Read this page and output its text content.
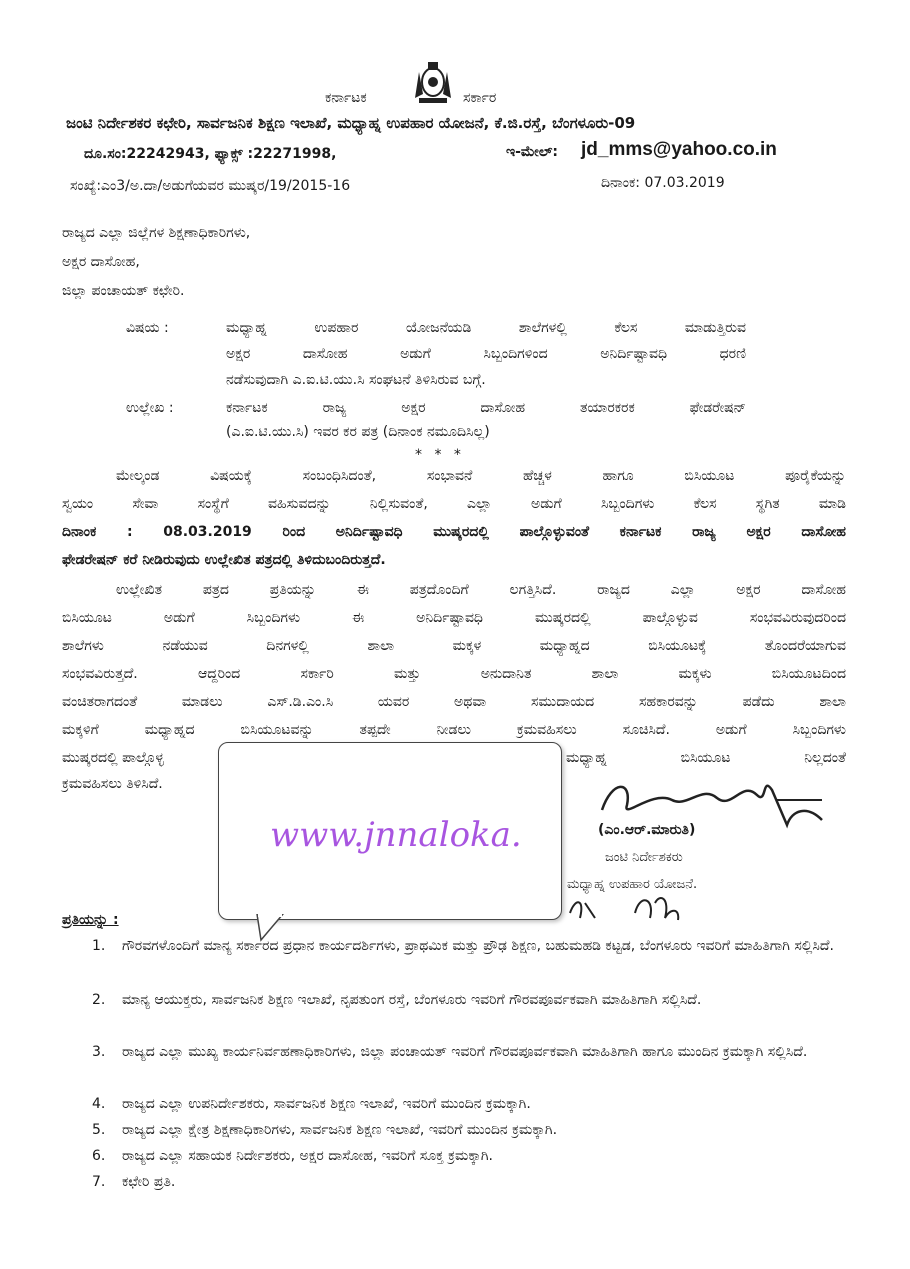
ಕರ್ನಾಟಕ	ಸರ್ಕಾರ
ಜಂಟಿ ನಿರ್ದೇಶಕರ ಕಛೇರಿ, ಸಾರ್ವಜನಿಕ ಶಿಕ್ಷಣ ಇಲಾಖೆ, ಮಧ್ಯಾಹ್ನ ಉಪಹಾರ ಯೋಜನೆ, ಕೆ.ಜಿ.ರಸ್ತೆ, ಬೆಂಗಳೂರು-09
ದೂ.ಸಂ:22242943, ಫ್ಯಾಕ್ಸ್ :22271998,	ಇ-ಮೇಲ್: jd_mms@yahoo.co.in
ಸಂಖ್ಯೆ:ಎಂ3/ಅ.ದಾ/ಅಡುಗೆಯವರ ಮುಷ್ಕರ/19/2015-16	ದಿನಾಂಕ: 07.03.2019
ರಾಜ್ಯದ ಎಲ್ಲಾ ಜಿಲ್ಲೆಗಳ ಶಿಕ್ಷಣಾಧಿಕಾರಿಗಳು,
ಅಕ್ಷರ ದಾಸೋಹ,
ಜಿಲ್ಲಾ ಪಂಚಾಯತ್ ಕಛೇರಿ.
ವಿಷಯ :	ಮಧ್ಯಾಹ್ನ ಉಪಹಾರ ಯೋಜನೆಯಡಿ ಶಾಲೆಗಳಲ್ಲಿ ಕೆಲಸ ಮಾಡುತ್ತಿರುವ
ಅಕ್ಷರ ದಾಸೋಹ ಅಡುಗೆ ಸಿಬ್ಬಂದಿಗಳಿಂದ ಅನಿರ್ದಿಷ್ಟಾವಧಿ ಧರಣಿ
ನಡೆಸುವುದಾಗಿ ಎ.ಐ.ಟಿ.ಯು.ಸಿ ಸಂಘಟನೆ ತಿಳಿಸಿರುವ ಬಗ್ಗೆ.
ಉಲ್ಲೇಖ :	ಕರ್ನಾಟಕ ರಾಜ್ಯ ಅಕ್ಷರ ದಾಸೋಹ ತಯಾರಕರಕ ಫೇಡರೇಷನ್
(ಎ.ಐ.ಟಿ.ಯು.ಸಿ) ಇವರ ಕರ ಪತ್ರ (ದಿನಾಂಕ ನಮೂದಿಸಿಲ್ಲ)
* * *
ಮೇಲ್ಕಂಡ ವಿಷಯಕ್ಕೆ ಸಂಬಂಧಿಸಿದಂತೆ, ಸಂಭಾವನೆ ಹೆಚ್ಚಳ ಹಾಗೂ ಬಿಸಿಯೂಟ ಪೂರೈಕೆಯನ್ನು
ಸ್ವಯಂ ಸೇವಾ ಸಂಸ್ಥೆಗೆ ವಹಿಸುವದನ್ನು ನಿಲ್ಲಿಸುವಂತೆ, ಎಲ್ಲಾ ಅಡುಗೆ ಸಿಬ್ಬಂದಿಗಳು ಕೆಲಸ ಸ್ಥಗಿತ ಮಾಡಿ
ದಿನಾಂಕ : 08.03.2019 ರಿಂದ ಅನಿರ್ದಿಷ್ಟಾವಧಿ ಮುಷ್ಕರದಲ್ಲಿ ಪಾಲ್ಗೊಳ್ಳುವಂತೆ ಕರ್ನಾಟಕ ರಾಜ್ಯ ಅಕ್ಷರ ದಾಸೋಹ
ಫೇಡರೇಷನ್ ಕರೆ ನೀಡಿರುವುದು ಉಲ್ಲೇಖಿತ ಪತ್ರದಲ್ಲಿ ತಿಳಿದುಬಂದಿರುತ್ತದೆ.
ಉಲ್ಲೇಖಿತ ಪತ್ರದ ಪ್ರತಿಯನ್ನು ಈ ಪತ್ರದೊಂದಿಗೆ ಲಗತ್ತಿಸಿದೆ. ರಾಜ್ಯದ ಎಲ್ಲಾ ಅಕ್ಷರ ದಾಸೋಹ
ಬಿಸಿಯೂಟ ಅಡುಗೆ ಸಿಬ್ಬಂದಿಗಳು ಈ ಅನಿರ್ದಿಷ್ಟಾವಧಿ ಮುಷ್ಕರದಲ್ಲಿ ಪಾಲ್ಗೊಳ್ಳುವ ಸಂಭವವಿರುವುದರಿಂದ
ಶಾಲೆಗಳು ನಡೆಯುವ ದಿನಗಳಲ್ಲಿ ಶಾಲಾ ಮಕ್ಕಳ ಮಧ್ಯಾಹ್ನದ ಬಿಸಿಯೂಟಕ್ಕೆ ತೊಂದರೆಯಾಗುವ
ಸಂಭವವಿರುತ್ತದೆ. ಆದ್ದರಿಂದ ಸರ್ಕಾರಿ ಮತ್ತು ಅನುದಾನಿತ ಶಾಲಾ ಮಕ್ಕಳು ಬಿಸಿಯೂಟದಿಂದ
ವಂಚಿತರಾಗದಂತೆ ಮಾಡಲು ಎಸ್.ಡಿ.ಎಂ.ಸಿ ಯವರ ಅಥವಾ ಸಮುದಾಯದ ಸಹಕಾರವನ್ನು ಪಡೆದು ಶಾಲಾ
ಮಕ್ಕಳಿಗೆ ಮಧ್ಯಾಹ್ನದ ಬಿಸಿಯೂಟವನ್ನು ತಪ್ಪದೇ ನೀಡಲು ಕ್ರಮವಹಿಸಲು ಸೂಚಿಸಿದೆ. ಅಡುಗೆ ಸಿಬ್ಬಂದಿಗಳು
ಮುಷ್ಕರದಲ್ಲಿ ಪಾಲ್ಗೊಳ್ಳ	ಮಧ್ಯಾಹ್ನ ಬಿಸಿಯೂಟ ನಿಲ್ಲದಂತೆ
ಕ್ರಮವಹಿಸಲು ತಿಳಿಸಿದೆ.
(ಎಂ.ಆರ್.ಮಾರುತಿ)
ಜಂಟಿ ನಿರ್ದೇಶಕರು
ಮಧ್ಯಾಹ್ನ ಉಪಹಾರ ಯೋಜನೆ.
www.jnnaloka.
ಪ್ರತಿಯನ್ನು :
1. ಗೌರವಗಳೊಂದಿಗೆ ಮಾನ್ಯ ಸರ್ಕಾರದ ಪ್ರಧಾನ ಕಾರ್ಯದರ್ಶಿಗಳು, ಪ್ರಾಥಮಿಕ ಮತ್ತು ಪ್ರೌಢ ಶಿಕ್ಷಣ, ಬಹುಮಹಡಿ ಕಟ್ಟಡ, ಬೆಂಗಳೂರು ಇವರಿಗೆ ಮಾಹಿತಿಗಾಗಿ ಸಲ್ಲಿಸಿದೆ.
2. ಮಾನ್ಯ ಆಯುಕ್ತರು, ಸಾರ್ವಜನಿಕ ಶಿಕ್ಷಣ ಇಲಾಖೆ, ನೃಪತುಂಗ ರಸ್ತೆ, ಬೆಂಗಳೂರು ಇವರಿಗೆ ಗೌರವಪೂರ್ವಕವಾಗಿ ಮಾಹಿತಿಗಾಗಿ ಸಲ್ಲಿಸಿದೆ.
3. ರಾಜ್ಯದ ಎಲ್ಲಾ ಮುಖ್ಯ ಕಾರ್ಯನಿರ್ವಹಣಾಧಿಕಾರಿಗಳು, ಜಿಲ್ಲಾ ಪಂಚಾಯತ್ ಇವರಿಗೆ ಗೌರವಪೂರ್ವಕವಾಗಿ ಮಾಹಿತಿಗಾಗಿ ಹಾಗೂ ಮುಂದಿನ ಕ್ರಮಕ್ಕಾಗಿ ಸಲ್ಲಿಸಿದೆ.
4. ರಾಜ್ಯದ ಎಲ್ಲಾ ಉಪನಿರ್ದೇಶಕರು, ಸಾರ್ವಜನಿಕ ಶಿಕ್ಷಣ ಇಲಾಖೆ, ಇವರಿಗೆ ಮುಂದಿನ ಕ್ರಮಕ್ಕಾಗಿ.
5. ರಾಜ್ಯದ ಎಲ್ಲಾ ಕ್ಷೇತ್ರ ಶಿಕ್ಷಣಾಧಿಕಾರಿಗಳು, ಸಾರ್ವಜನಿಕ ಶಿಕ್ಷಣ ಇಲಾಖೆ, ಇವರಿಗೆ ಮುಂದಿನ ಕ್ರಮಕ್ಕಾಗಿ.
6. ರಾಜ್ಯದ ಎಲ್ಲಾ ಸಹಾಯಕ ನಿರ್ದೇಶಕರು, ಅಕ್ಷರ ದಾಸೋಹ, ಇವರಿಗೆ ಸೂಕ್ತ ಕ್ರಮಕ್ಕಾಗಿ.
7. ಕಛೇರಿ ಪ್ರತಿ.
